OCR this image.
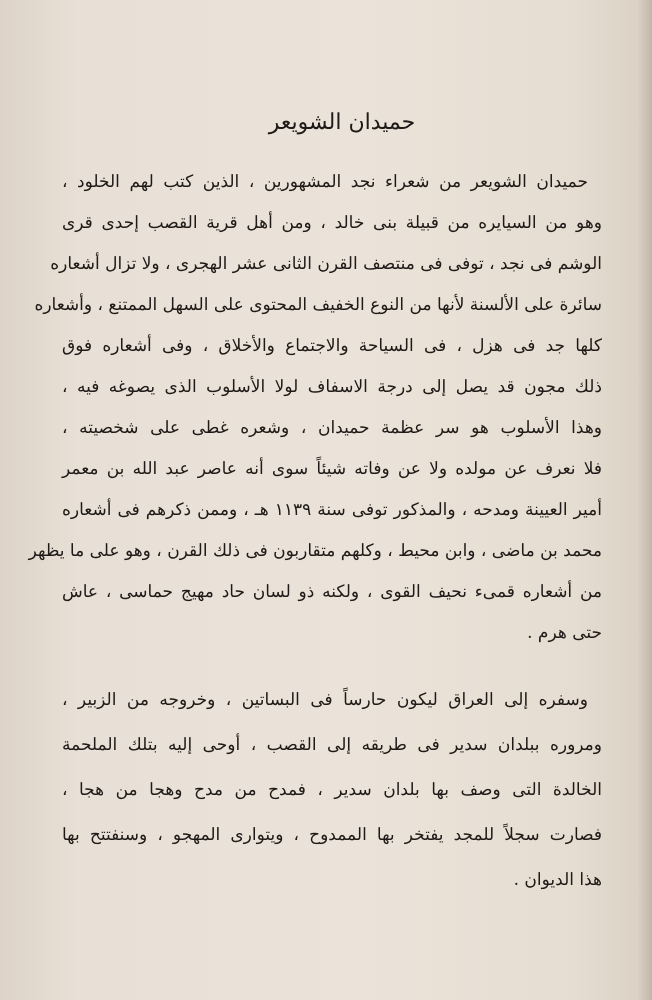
حميدان الشويعر
حميدان الشويعر من شعراء نجد المشهورين ، الذين كتب لهم الخلود ،
وهو من السيايره من قبيلة بنى خالد ، ومن أهل قرية القصب إحدى قرى
الوشم فى نجد ، توفى فى منتصف القرن الثانى عشر الهجرى ، ولا تزال أشعاره
سائرة على الألسنة لأنها من النوع الخفيف المحتوى على السهل الممتنع ، وأشعاره
كلها جد فى هزل ، فى السياحة والاجتماع والأخلاق ، وفى أشعاره فوق
ذلك مجون قد يصل إلى درجة الاسفاف لولا الأسلوب الذى يصوغه فيه ،
وهذا الأسلوب هو سر عظمة حميدان ، وشعره غطى على شخصيته ،
فلا نعرف عن مولده ولا عن وفاته شيئاً سوى أنه عاصر عبد الله بن معمر
أمير العيينة ومدحه ، والمذكور توفى سنة ١١٣٩ هـ ، وممن ذكرهم فى أشعاره
محمد بن ماضى ، وابن محيط ، وكلهم متقاربون فى ذلك القرن ، وهو على ما يظهر
من أشعاره قمىء نحيف القوى ، ولكنه ذو لسان حاد مهيج حماسى ، عاش
حتى هرم .
وسفره إلى العراق ليكون حارساً فى البساتين ، وخروجه من الزبير ،
ومروره ببلدان سدير فى طريقه إلى القصب ، أوحى إليه بتلك الملحمة
الخالدة التى وصف بها بلدان سدير ، فمدح من مدح وهجا من هجا ،
فصارت سجلاً للمجد يفتخر بها الممدوح ، ويتوارى المهجو ، وسنفتتح بها
هذا الديوان .
